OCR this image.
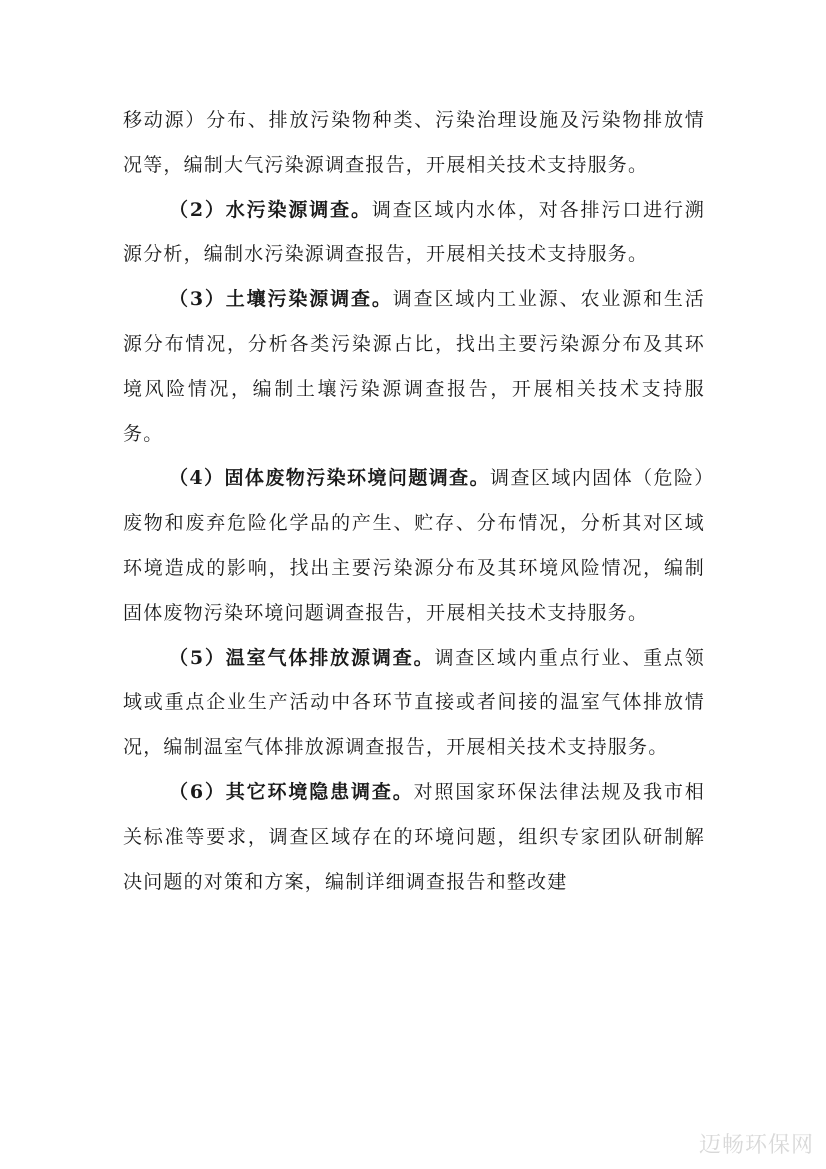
移动源）分布、排放污染物种类、污染治理设施及污染物排放情况等，编制大气污染源调查报告，开展相关技术支持服务。

（2）水污染源调查。调查区域内水体，对各排污口进行溯源分析，编制水污染源调查报告，开展相关技术支持服务。

（3）土壤污染源调查。调查区域内工业源、农业源和生活源分布情况，分析各类污染源占比，找出主要污染源分布及其环境风险情况，编制土壤污染源调查报告，开展相关技术支持服务。

（4）固体废物污染环境问题调查。调查区域内固体（危险）废物和废弃危险化学品的产生、贮存、分布情况，分析其对区域环境造成的影响，找出主要污染源分布及其环境风险情况，编制固体废物污染环境问题调查报告，开展相关技术支持服务。

（5）温室气体排放源调查。调查区域内重点行业、重点领域或重点企业生产活动中各环节直接或者间接的温室气体排放情况，编制温室气体排放源调查报告，开展相关技术支持服务。

（6）其它环境隐患调查。对照国家环保法律法规及我市相关标准等要求，调查区域存在的环境问题，组织专家团队研制解决问题的对策和方案，编制详细调查报告和整改建

迈畅环保网
